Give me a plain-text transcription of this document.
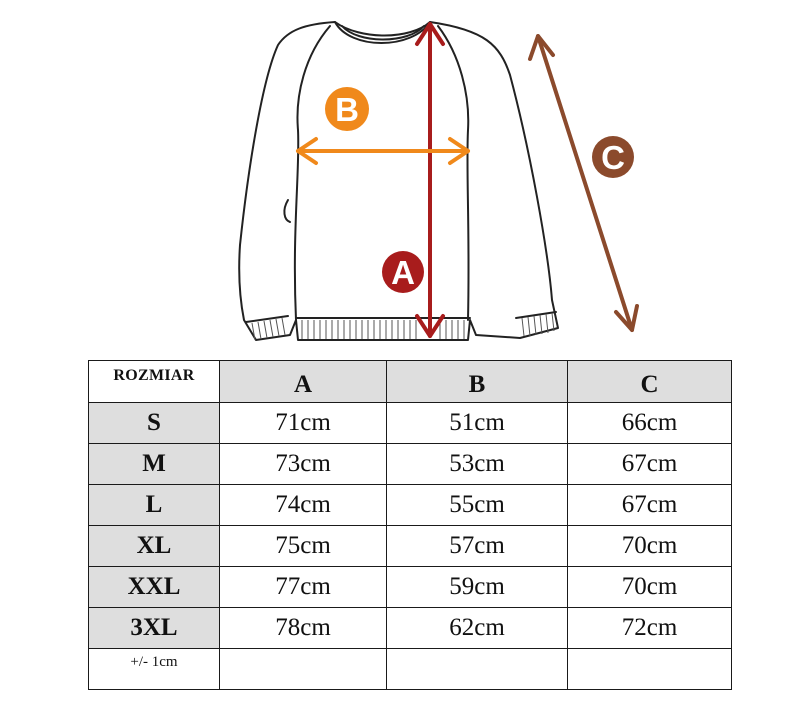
A
B
C
ROZMIAR	A	B	C
S	71cm	51cm	66cm
M	73cm	53cm	67cm
L	74cm	55cm	67cm
XL	75cm	57cm	70cm
XXL	77cm	59cm	70cm
3XL	78cm	62cm	72cm
+/- 1cm			
